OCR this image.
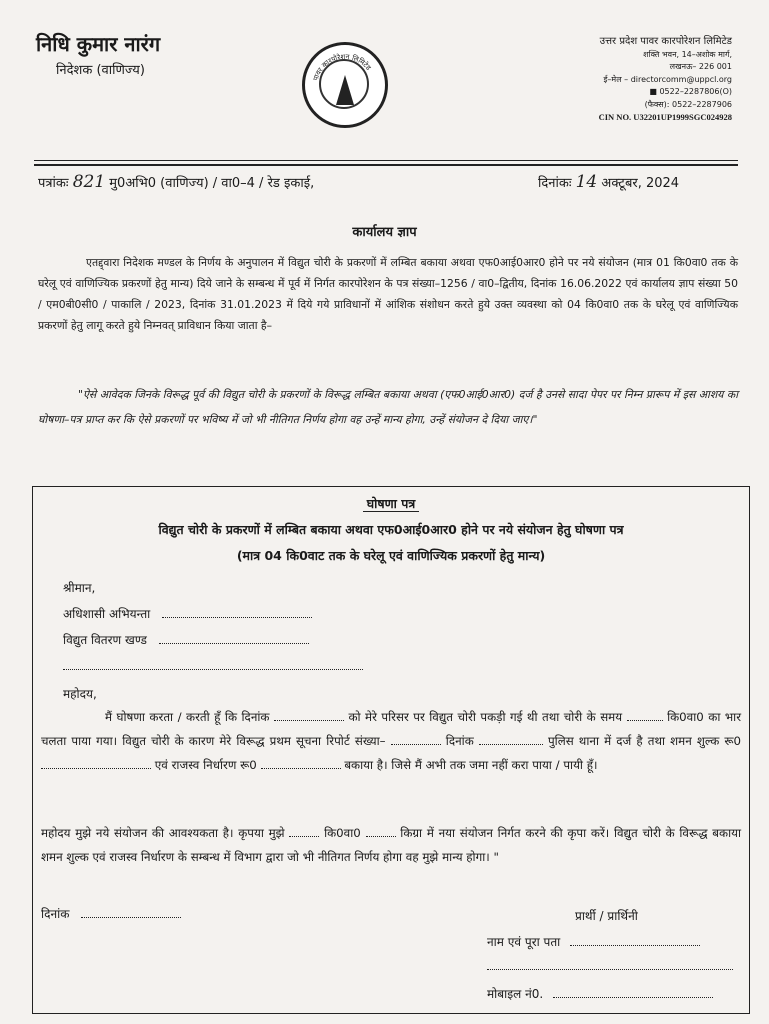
निधि कुमार नारंग
निदेशक (वाणिज्य)	पावर कारपोरेशन लिमिटेड
उत्तर प्रदेश पावर कारपोरेशन लिमिटेड
शक्ति भवन, 14–अशोक मार्ग,
लखनऊ– 226 001
ई–मेल – directorcomm@uppcl.org
■ 0522–2287806(O)
(फैक्स): 0522–2287906
CIN NO. U32201UP1999SGC024928
पत्रांकः 821 मु0अभि0 (वाणिज्य) / वा0–4 / रेड इकाई,	दिनांकः 14 अक्टूबर, 2024
कार्यालय ज्ञाप
एतद्द्वारा निदेशक मण्डल के निर्णय के अनुपालन में विद्युत चोरी के प्रकरणों में लम्बित बकाया अथवा एफ0आई0आर0 होने पर नये संयोजन (मात्र 01 कि0वा0 तक के घरेलू एवं वाणिज्यिक प्रकरणों हेतु मान्य) दिये जाने के सम्बन्ध में पूर्व में निर्गत कारपोरेशन के पत्र संख्या–1256 / वा0–द्वितीय, दिनांक 16.06.2022 एवं कार्यालय ज्ञाप संख्या 50 / एम0बी0सी0 / पाकालि / 2023, दिनांक 31.01.2023 में दिये गये प्राविधानों में आंशिक संशोधन करते हुये उक्त व्यवस्था को 04 कि0वा0 तक के घरेलू एवं वाणिज्यिक प्रकरणों हेतु लागू करते हुये निम्नवत् प्राविधान किया जाता है–
"ऐसे आवेदक जिनके विरूद्ध पूर्व की विद्युत चोरी के प्रकरणों के विरूद्ध लम्बित बकाया अथवा (एफ0आई0आर0) दर्ज है उनसे सादा पेपर पर निम्न प्रारूप में इस आशय का घोषणा–पत्र प्राप्त कर कि ऐसे प्रकरणों पर भविष्य में जो भी नीतिगत निर्णय होगा वह उन्हें मान्य होगा, उन्हें संयोजन दे दिया जाए।"
घोषणा पत्र
विद्युत चोरी के प्रकरणों में लम्बित बकाया अथवा एफ0आई0आर0 होने पर नये संयोजन हेतु घोषणा पत्र
(मात्र 04 कि0वाट तक के घरेलू एवं वाणिज्यिक प्रकरणों हेतु मान्य)
श्रीमान,
अधिशासी अभियन्ता
विद्युत वितरण खण्ड
महोदय,
मैं घोषणा करता / करती हूँ कि दिनांक	को मेरे परिसर पर विद्युत चोरी पकड़ी गई थी तथा चोरी के समय	कि0वा0 का भार चलता पाया गया। विद्युत चोरी के कारण मेरे विरूद्ध प्रथम सूचना रिपोर्ट संख्या–	दिनांक	पुलिस थाना में दर्ज है तथा शमन शुल्क रू0  एवं राजस्व निर्धारण रू0	बकाया है। जिसे मैं अभी तक जमा नहीं करा पाया / पायी हूँ।
महोदय मुझे नये संयोजन की आवश्यकता है। कृपया मुझे	कि0वा0	किग्रा में नया संयोजन निर्गत करने की कृपा करें। विद्युत चोरी के विरूद्ध बकाया शमन शुल्क एवं राजस्व निर्धारण के सम्बन्ध में विभाग द्वारा जो भी नीतिगत निर्णय होगा वह मुझे मान्य होगा। "
दिनांक	प्रार्थी / प्रार्थिनी
नाम एवं पूरा पता
मोबाइल नं0.
